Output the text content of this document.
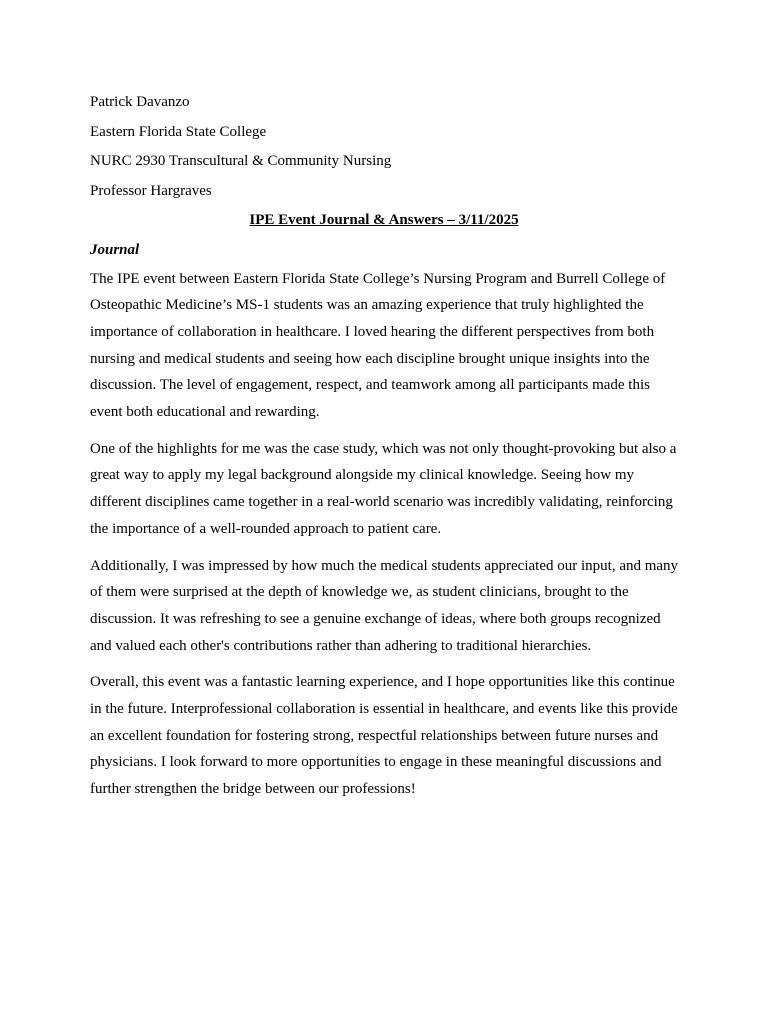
Patrick Davanzo

Eastern Florida State College

NURC 2930 Transcultural & Community Nursing

Professor Hargraves

IPE Event Journal & Answers – 3/11/2025

Journal

The IPE event between Eastern Florida State College’s Nursing Program and Burrell College of Osteopathic Medicine’s MS-1 students was an amazing experience that truly highlighted the importance of collaboration in healthcare. I loved hearing the different perspectives from both nursing and medical students and seeing how each discipline brought unique insights into the discussion. The level of engagement, respect, and teamwork among all participants made this event both educational and rewarding.

One of the highlights for me was the case study, which was not only thought-provoking but also a great way to apply my legal background alongside my clinical knowledge. Seeing how my different disciplines came together in a real-world scenario was incredibly validating, reinforcing the importance of a well-rounded approach to patient care.

Additionally, I was impressed by how much the medical students appreciated our input, and many of them were surprised at the depth of knowledge we, as student clinicians, brought to the discussion. It was refreshing to see a genuine exchange of ideas, where both groups recognized and valued each other's contributions rather than adhering to traditional hierarchies.

Overall, this event was a fantastic learning experience, and I hope opportunities like this continue in the future. Interprofessional collaboration is essential in healthcare, and events like this provide an excellent foundation for fostering strong, respectful relationships between future nurses and physicians. I look forward to more opportunities to engage in these meaningful discussions and further strengthen the bridge between our professions!
